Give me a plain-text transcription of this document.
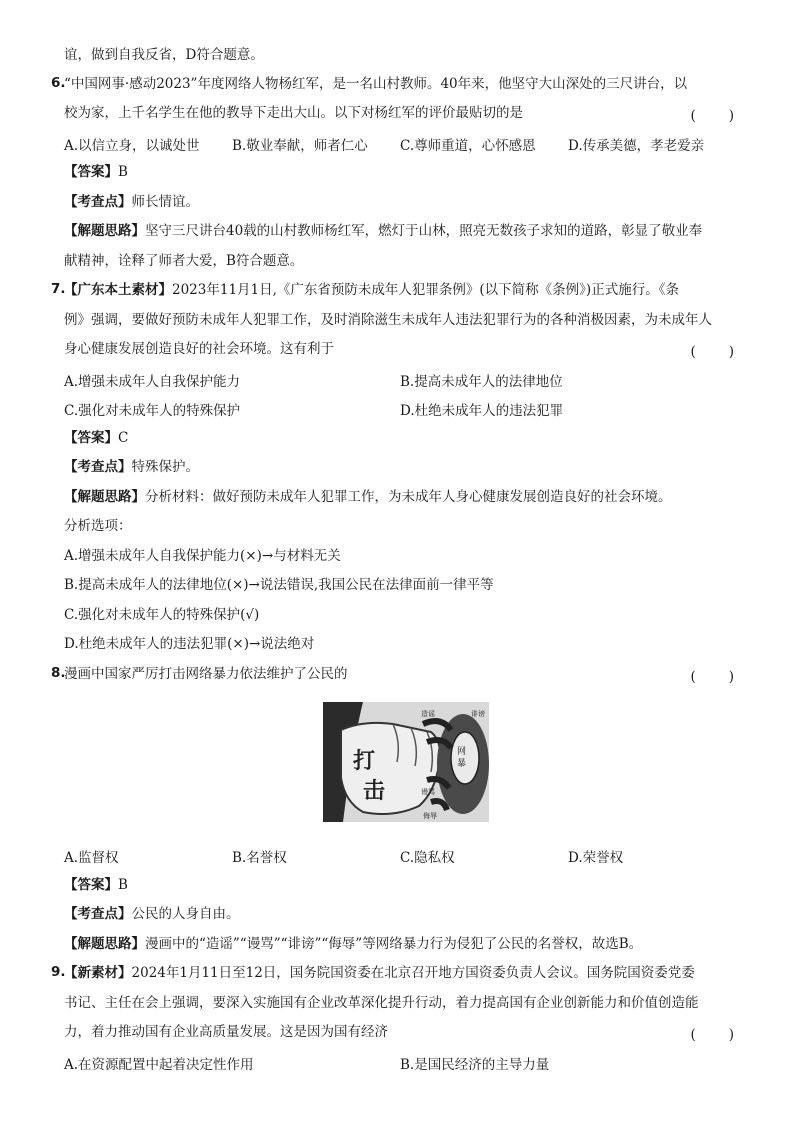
谊，做到自我反省，D符合题意。
6.
“中国网事·感动2023”年度网络人物杨红军，是一名山村教师。40年来，他坚守大山深处的三尺讲台，以
校为家，上千名学生在他的教导下走出大山。以下对杨红军的评价最贴切的是	(　　)
A.以信立身，以诚处世 B.敬业奉献，师者仁心 C.尊师重道，心怀感恩 D.传承美德，孝老爱亲
【答案】B
【考查点】师长情谊。
【解题思路】坚守三尺讲台40载的山村教师杨红军，燃灯于山林，照亮无数孩子求知的道路，彰显了敬业奉
献精神，诠释了师者大爱，B符合题意。
7.
【广东本土素材】2023年11月1日,《广东省预防未成年人犯罪条例》(以下简称《条例》)正式施行。《条
例》强调，要做好预防未成年人犯罪工作，及时消除滋生未成年人违法犯罪行为的各种消极因素，为未成年人
身心健康发展创造良好的社会环境。这有利于	(　　)
A.增强未成年人自我保护能力	B.提高未成年人的法律地位
C.强化对未成年人的特殊保护	D.杜绝未成年人的违法犯罪
【答案】C
【考查点】特殊保护。
【解题思路】分析材料：做好预防未成年人犯罪工作，为未成年人身心健康发展创造良好的社会环境。
分析选项：
A.增强未成年人自我保护能力(×)→与材料无关
B.提高未成年人的法律地位(×)→说法错误,我国公民在法律面前一律平等
C.强化对未成年人的特殊保护(√)
D.杜绝未成年人的违法犯罪(×)→说法绝对
8.
漫画中国家严厉打击网络暴力依法维护了公民的	(　　)
打
击
网
暴
造谣	诽谤
谩骂
侮辱
A.监督权	B.名誉权	C.隐私权	D.荣誉权
【答案】B
【考查点】公民的人身自由。
【解题思路】漫画中的“造谣”“谩骂”“诽谤”“侮辱”等网络暴力行为侵犯了公民的名誉权，故选B。
9.
【新素材】2024年1月11日至12日，国务院国资委在北京召开地方国资委负责人会议。国务院国资委党委
书记、主任在会上强调，要深入实施国有企业改革深化提升行动，着力提高国有企业创新能力和价值创造能
力，着力推动国有企业高质量发展。这是因为国有经济	(　　)
A.在资源配置中起着决定性作用	B.是国民经济的主导力量
